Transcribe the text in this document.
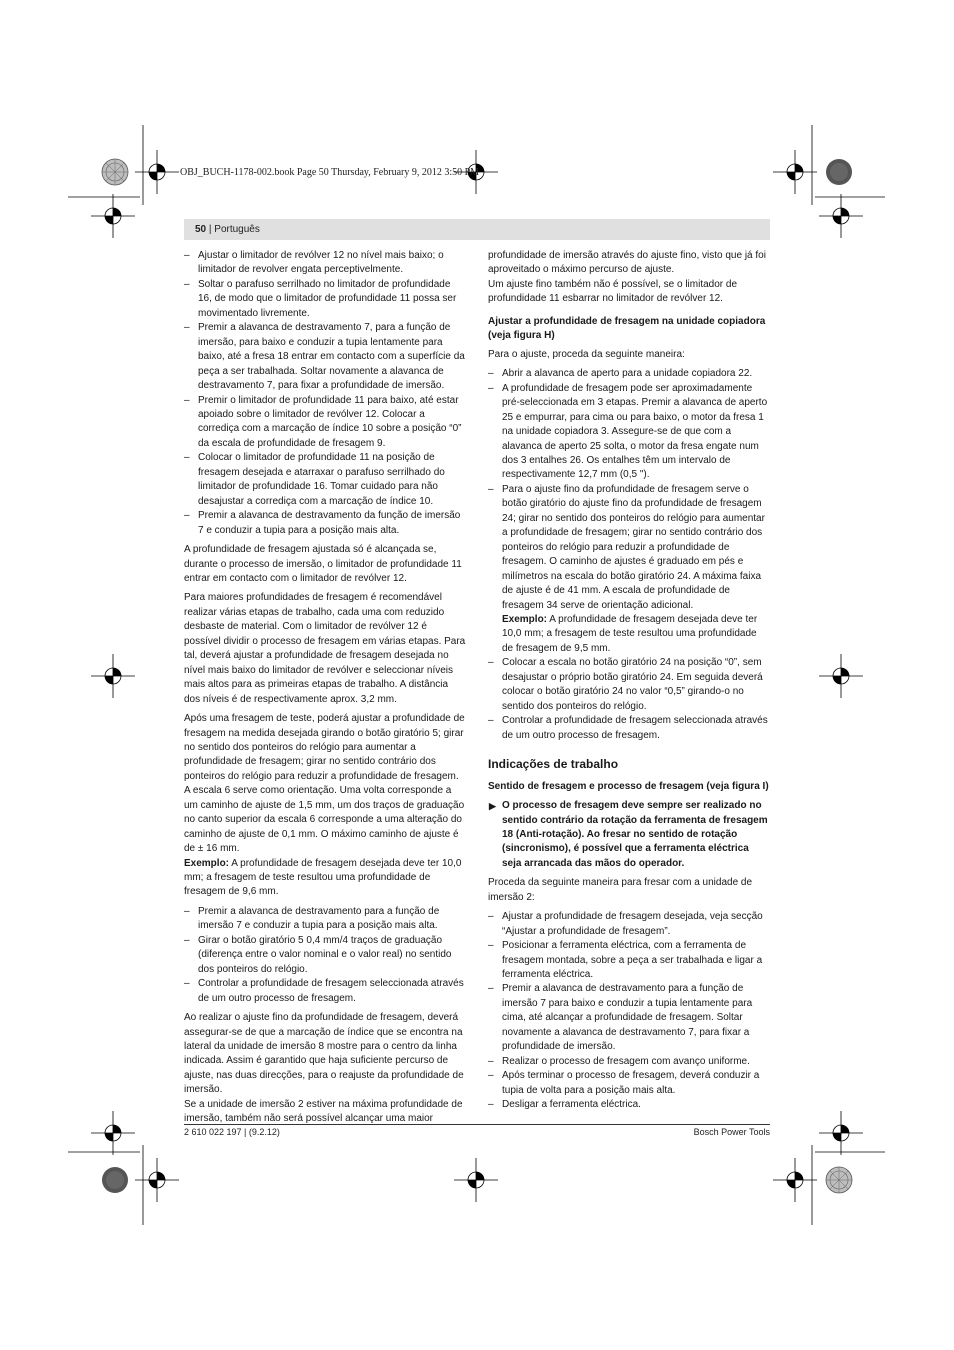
OBJ_BUCH-1178-002.book Page 50 Thursday, February 9, 2012 3:50 PM
50 | Português
– Ajustar o limitador de revólver 12 no nível mais baixo; o limitador de revolver engata perceptivelmente.
– Soltar o parafuso serrilhado no limitador de profundidade 16, de modo que o limitador de profundidade 11 possa ser movimentado livremente.
– Premir a alavanca de destravamento 7, para a função de imersão, para baixo e conduzir a tupia lentamente para baixo, até a fresa 18 entrar em contacto com a superfície da peça a ser trabalhada. Soltar novamente a alavanca de destravamento 7, para fixar a profundidade de imersão.
– Premir o limitador de profundidade 11 para baixo, até estar apoiado sobre o limitador de revólver 12. Colocar a corrediça com a marcação de índice 10 sobre a posição “0” da escala de profundidade de fresagem 9.
– Colocar o limitador de profundidade 11 na posição de fresagem desejada e atarraxar o parafuso serrilhado do limitador de profundidade 16. Tomar cuidado para não desajustar a corrediça com a marcação de índice 10.
– Premir a alavanca de destravamento da função de imersão 7 e conduzir a tupia para a posição mais alta.

A profundidade de fresagem ajustada só é alcançada se, durante o processo de imersão, o limitador de profundidade 11 entrar em contacto com o limitador de revólver 12.

Para maiores profundidades de fresagem é recomendável realizar várias etapas de trabalho, cada uma com reduzido desbaste de material. Com o limitador de revólver 12 é possível dividir o processo de fresagem em várias etapas. Para tal, deverá ajustar a profundidade de fresagem desejada no nível mais baixo do limitador de revólver e seleccionar níveis mais altos para as primeiras etapas de trabalho. A distância dos níveis é de respectivamente aprox. 3,2 mm.

Após uma fresagem de teste, poderá ajustar a profundidade de fresagem na medida desejada girando o botão giratório 5; girar no sentido dos ponteiros do relógio para aumentar a profundidade de fresagem; girar no sentido contrário dos ponteiros do relógio para reduzir a profundidade de fresagem. A escala 6 serve como orientação. Uma volta corresponde a um caminho de ajuste de 1,5 mm, um dos traços de graduação no canto superior da escala 6 corresponde a uma alteração do caminho de ajuste de 0,1 mm. O máximo caminho de ajuste é de ± 16 mm.

Exemplo: A profundidade de fresagem desejada deve ter 10,0 mm; a fresagem de teste resultou uma profundidade de fresagem de 9,6 mm.

– Premir a alavanca de destravamento para a função de imersão 7 e conduzir a tupia para a posição mais alta.
– Girar o botão giratório 5 0,4 mm/4 traços de graduação (diferença entre o valor nominal e o valor real) no sentido dos ponteiros do relógio.
– Controlar a profundidade de fresagem seleccionada através de um outro processo de fresagem.

Ao realizar o ajuste fino da profundidade de fresagem, deverá assegurar-se de que a marcação de índice que se encontra na lateral da unidade de imersão 8 mostre para o centro da linha indicada. Assim é garantido que haja suficiente percurso de ajuste, nas duas direcções, para o reajuste da profundidade de imersão.

Se a unidade de imersão 2 estiver na máxima profundidade de imersão, também não será possível alcançar uma maior

profundidade de imersão através do ajuste fino, visto que já foi aproveitado o máximo percurso de ajuste.

Um ajuste fino também não é possível, se o limitador de profundidade 11 esbarrar no limitador de revólver 12.

Ajustar a profundidade de fresagem na unidade copiadora (veja figura H)

Para o ajuste, proceda da seguinte maneira:

– Abrir a alavanca de aperto para a unidade copiadora 22.
– A profundidade de fresagem pode ser aproximadamente pré-seleccionada em 3 etapas. Premir a alavanca de aperto 25 e empurrar, para cima ou para baixo, o motor da fresa 1 na unidade copiadora 3. Assegure-se de que com a alavanca de aperto 25 solta, o motor da fresa engate num dos 3 entalhes 26. Os entalhes têm um intervalo de respectivamente 12,7 mm (0,5 ").
– Para o ajuste fino da profundidade de fresagem serve o botão giratório do ajuste fino da profundidade de fresagem 24; girar no sentido dos ponteiros do relógio para aumentar a profundidade de fresagem; girar no sentido contrário dos ponteiros do relógio para reduzir a profundidade de fresagem. O caminho de ajustes é graduado em pés e milímetros na escala do botão giratório 24. A máxima faixa de ajuste é de 41 mm. A escala de profundidade de fresagem 34 serve de orientação adicional.

Exemplo: A profundidade de fresagem desejada deve ter 10,0 mm; a fresagem de teste resultou uma profundidade de fresagem de 9,5 mm.

– Colocar a escala no botão giratório 24 na posição “0”, sem desajustar o próprio botão giratório 24. Em seguida deverá colocar o botão giratório 24 no valor “0,5” girando-o no sentido dos ponteiros do relógio.
– Controlar a profundidade de fresagem seleccionada através de um outro processo de fresagem.
Indicações de trabalho
Sentido de fresagem e processo de fresagem (veja figura I)

▶ O processo de fresagem deve sempre ser realizado no sentido contrário da rotação da ferramenta de fresagem 18 (Anti-rotação). Ao fresar no sentido de rotação (sincronismo), é possível que a ferramenta eléctrica seja arrancada das mãos do operador.

Proceda da seguinte maneira para fresar com a unidade de imersão 2:

– Ajustar a profundidade de fresagem desejada, veja secção “Ajustar a profundidade de fresagem”.
– Posicionar a ferramenta eléctrica, com a ferramenta de fresagem montada, sobre a peça a ser trabalhada e ligar a ferramenta eléctrica.
– Premir a alavanca de destravamento para a função de imersão 7 para baixo e conduzir a tupia lentamente para cima, até alcançar a profundidade de fresagem. Soltar novamente a alavanca de destravamento 7, para fixar a profundidade de imersão.
– Realizar o processo de fresagem com avanço uniforme.
– Após terminar o processo de fresagem, deverá conduzir a tupia de volta para a posição mais alta.
– Desligar a ferramenta eléctrica.
2 610 022 197 | (9.2.12)	Bosch Power Tools
